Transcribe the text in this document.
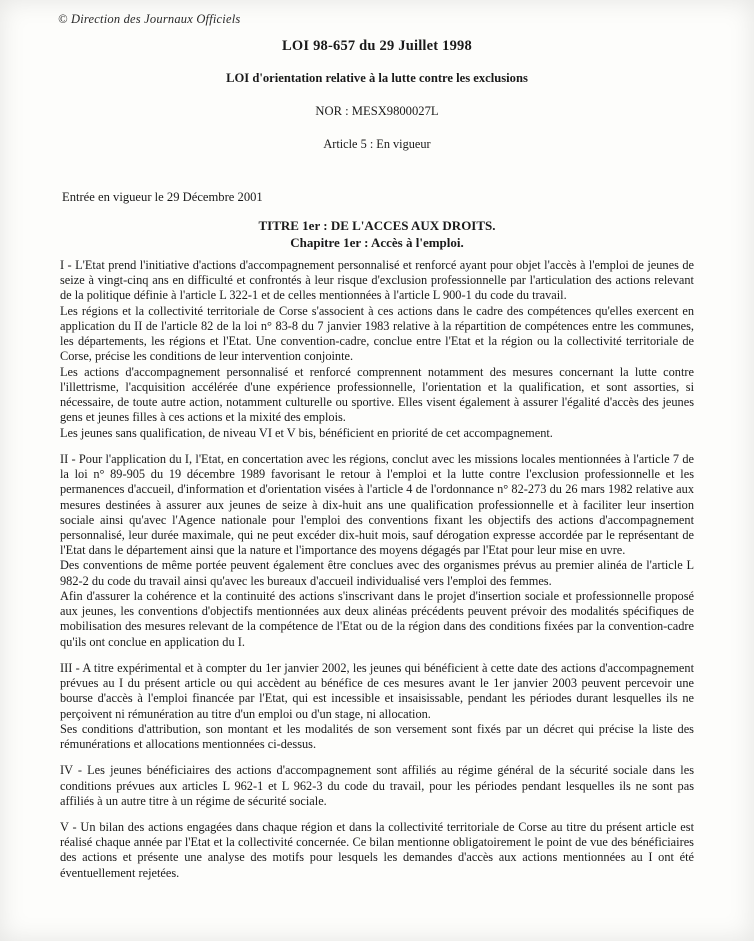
© Direction des Journaux Officiels
LOI 98-657 du 29 Juillet 1998
LOI d'orientation relative à la lutte contre les exclusions
NOR : MESX9800027L
Article 5 : En vigueur
Entrée en vigueur le 29 Décembre 2001
TITRE 1er : DE L'ACCES AUX DROITS.
Chapitre 1er : Accès à l'emploi.

I - L'Etat prend l'initiative d'actions d'accompagnement personnalisé et renforcé ayant pour objet l'accès à l'emploi de jeunes de seize à vingt-cinq ans en difficulté et confrontés à leur risque d'exclusion professionnelle par l'articulation des actions relevant de la politique définie à l'article L 322-1 et de celles mentionnées à l'article L 900-1 du code du travail.

Les régions et la collectivité territoriale de Corse s'associent à ces actions dans le cadre des compétences qu'elles exercent en application du II de l'article 82 de la loi n° 83-8 du 7 janvier 1983 relative à la répartition de compétences entre les communes, les départements, les régions et l'Etat. Une convention-cadre, conclue entre l'Etat et la région ou la collectivité territoriale de Corse, précise les conditions de leur intervention conjointe.

Les actions d'accompagnement personnalisé et renforcé comprennent notamment des mesures concernant la lutte contre l'illettrisme, l'acquisition accélérée d'une expérience professionnelle, l'orientation et la qualification, et sont assorties, si nécessaire, de toute autre action, notamment culturelle ou sportive. Elles visent également à assurer l'égalité d'accès des jeunes gens et jeunes filles à ces actions et la mixité des emplois.

Les jeunes sans qualification, de niveau VI et V bis, bénéficient en priorité de cet accompagnement.

II - Pour l'application du I, l'Etat, en concertation avec les régions, conclut avec les missions locales mentionnées à l'article 7 de la loi n° 89-905 du 19 décembre 1989 favorisant le retour à l'emploi et la lutte contre l'exclusion professionnelle et les permanences d'accueil, d'information et d'orientation visées à l'article 4 de l'ordonnance n° 82-273 du 26 mars 1982 relative aux mesures destinées à assurer aux jeunes de seize à dix-huit ans une qualification professionnelle et à faciliter leur insertion sociale ainsi qu'avec l'Agence nationale pour l'emploi des conventions fixant les objectifs des actions d'accompagnement personnalisé, leur durée maximale, qui ne peut excéder dix-huit mois, sauf dérogation expresse accordée par le représentant de l'Etat dans le département ainsi que la nature et l'importance des moyens dégagés par l'Etat pour leur mise en uvre.

Des conventions de même portée peuvent également être conclues avec des organismes prévus au premier alinéa de l'article L 982-2 du code du travail ainsi qu'avec les bureaux d'accueil individualisé vers l'emploi des femmes.

Afin d'assurer la cohérence et la continuité des actions s'inscrivant dans le projet d'insertion sociale et professionnelle proposé aux jeunes, les conventions d'objectifs mentionnées aux deux alinéas précédents peuvent prévoir des modalités spécifiques de mobilisation des mesures relevant de la compétence de l'Etat ou de la région dans des conditions fixées par la convention-cadre qu'ils ont conclue en application du I.

III - A titre expérimental et à compter du 1er janvier 2002, les jeunes qui bénéficient à cette date des actions d'accompagnement prévues au I du présent article ou qui accèdent au bénéfice de ces mesures avant le 1er janvier 2003 peuvent percevoir une bourse d'accès à l'emploi financée par l'Etat, qui est incessible et insaisissable, pendant les périodes durant lesquelles ils ne perçoivent ni rémunération au titre d'un emploi ou d'un stage, ni allocation.

Ses conditions d'attribution, son montant et les modalités de son versement sont fixés par un décret qui précise la liste des rémunérations et allocations mentionnées ci-dessus.

IV - Les jeunes bénéficiaires des actions d'accompagnement sont affiliés au régime général de la sécurité sociale dans les conditions prévues aux articles L 962-1 et L 962-3 du code du travail, pour les périodes pendant lesquelles ils ne sont pas affiliés à un autre titre à un régime de sécurité sociale.

V - Un bilan des actions engagées dans chaque région et dans la collectivité territoriale de Corse au titre du présent article est réalisé chaque année par l'Etat et la collectivité concernée. Ce bilan mentionne obligatoirement le point de vue des bénéficiaires des actions et présente une analyse des motifs pour lesquels les demandes d'accès aux actions mentionnées au I ont été éventuellement rejetées.
